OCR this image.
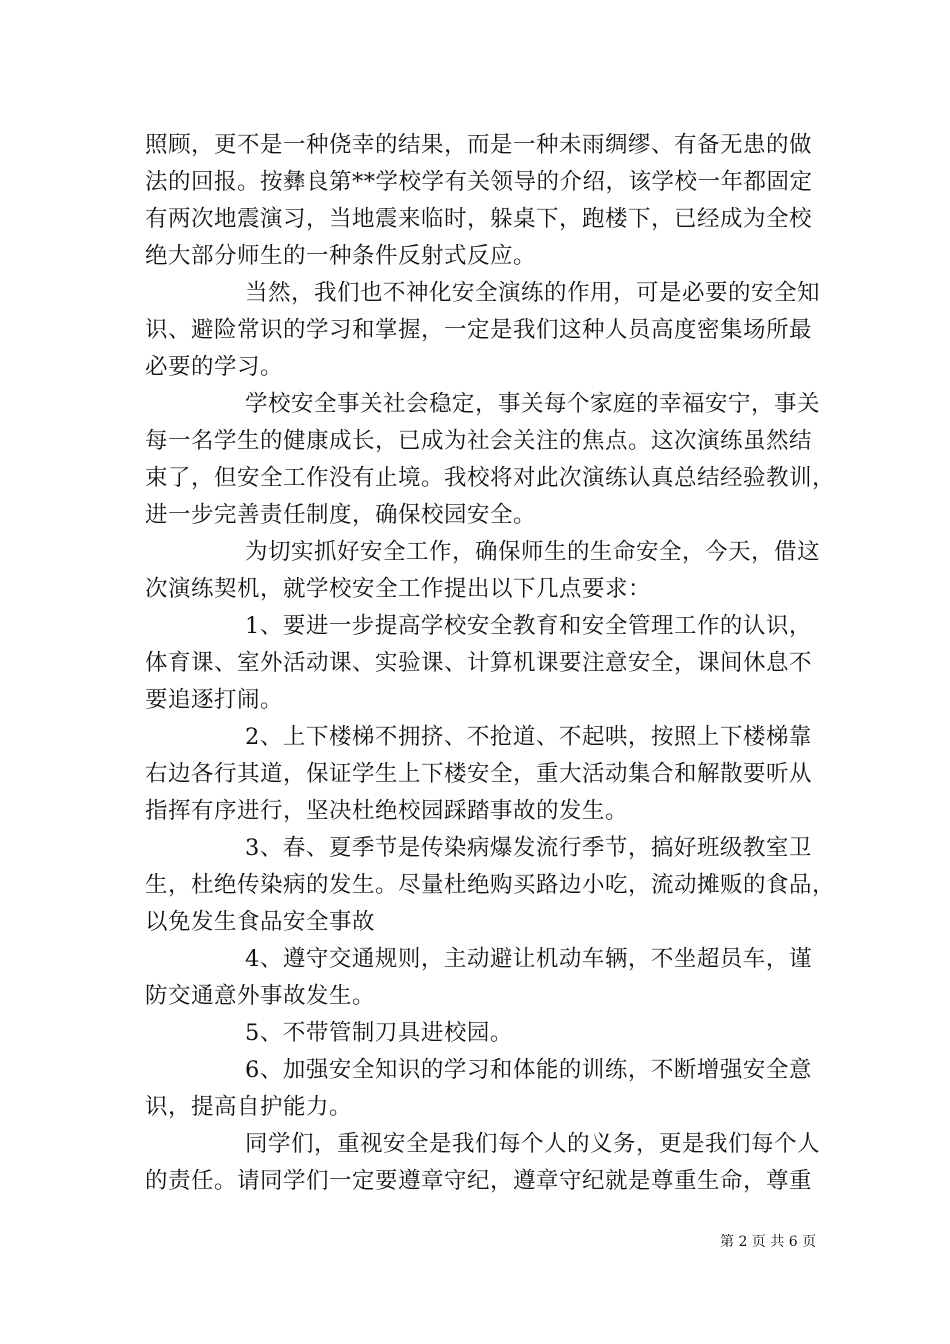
照顾，更不是一种侥幸的结果，而是一种未雨绸缪、有备无患的做
法的回报。按彝良第**学校学有关领导的介绍，该学校一年都固定
有两次地震演习，当地震来临时，躲桌下，跑楼下，已经成为全校
绝大部分师生的一种条件反射式反应。
当然，我们也不神化安全演练的作用，可是必要的安全知
识、避险常识的学习和掌握，一定是我们这种人员高度密集场所最
必要的学习。
学校安全事关社会稳定，事关每个家庭的幸福安宁，事关
每一名学生的健康成长，已成为社会关注的焦点。这次演练虽然结
束了，但安全工作没有止境。我校将对此次演练认真总结经验教训，
进一步完善责任制度，确保校园安全。
为切实抓好安全工作，确保师生的生命安全，今天，借这
次演练契机，就学校安全工作提出以下几点要求：
1、要进一步提高学校安全教育和安全管理工作的认识，
体育课、室外活动课、实验课、计算机课要注意安全，课间休息不
要追逐打闹。
2、上下楼梯不拥挤、不抢道、不起哄，按照上下楼梯靠
右边各行其道，保证学生上下楼安全，重大活动集合和解散要听从
指挥有序进行，坚决杜绝校园踩踏事故的发生。
3、春、夏季节是传染病爆发流行季节，搞好班级教室卫
生，杜绝传染病的发生。尽量杜绝购买路边小吃，流动摊贩的食品，
以免发生食品安全事故
4、遵守交通规则，主动避让机动车辆，不坐超员车，谨
防交通意外事故发生。
5、不带管制刀具进校园。
6、加强安全知识的学习和体能的训练，不断增强安全意
识，提高自护能力。
同学们，重视安全是我们每个人的义务，更是我们每个人
的责任。请同学们一定要遵章守纪，遵章守纪就是尊重生命，尊重
第 2 页 共 6 页
